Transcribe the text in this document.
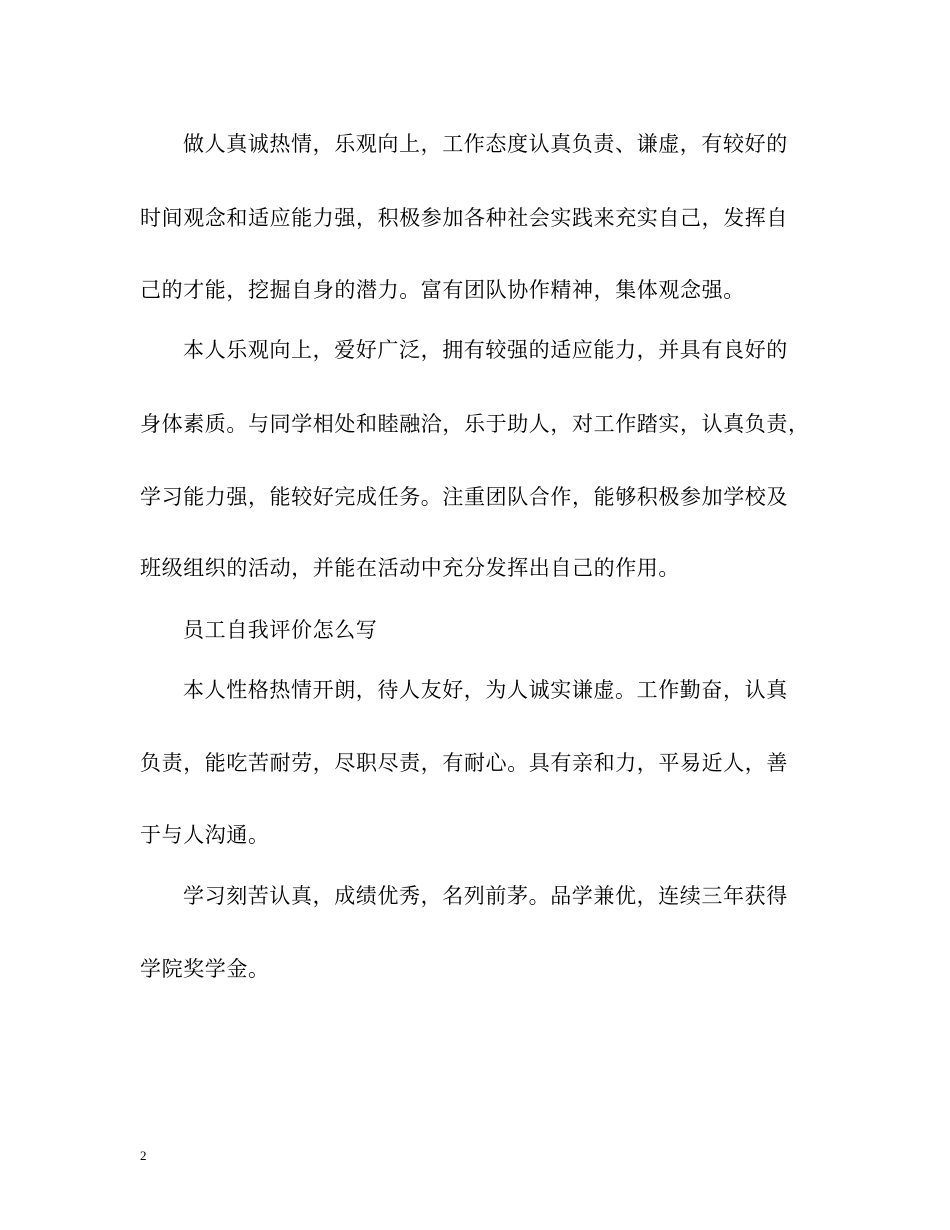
做人真诚热情，乐观向上，工作态度认真负责、谦虚，有较好的
时间观念和适应能力强，积极参加各种社会实践来充实自己，发挥自
己的才能，挖掘自身的潜力。富有团队协作精神，集体观念强。
本人乐观向上，爱好广泛，拥有较强的适应能力，并具有良好的
身体素质。与同学相处和睦融洽，乐于助人，对工作踏实，认真负责，
学习能力强，能较好完成任务。注重团队合作，能够积极参加学校及
班级组织的活动，并能在活动中充分发挥出自己的作用。
员工自我评价怎么写
本人性格热情开朗，待人友好，为人诚实谦虚。工作勤奋，认真
负责，能吃苦耐劳，尽职尽责，有耐心。具有亲和力，平易近人，善
于与人沟通。
学习刻苦认真，成绩优秀，名列前茅。品学兼优，连续三年获得
学院奖学金。
2
